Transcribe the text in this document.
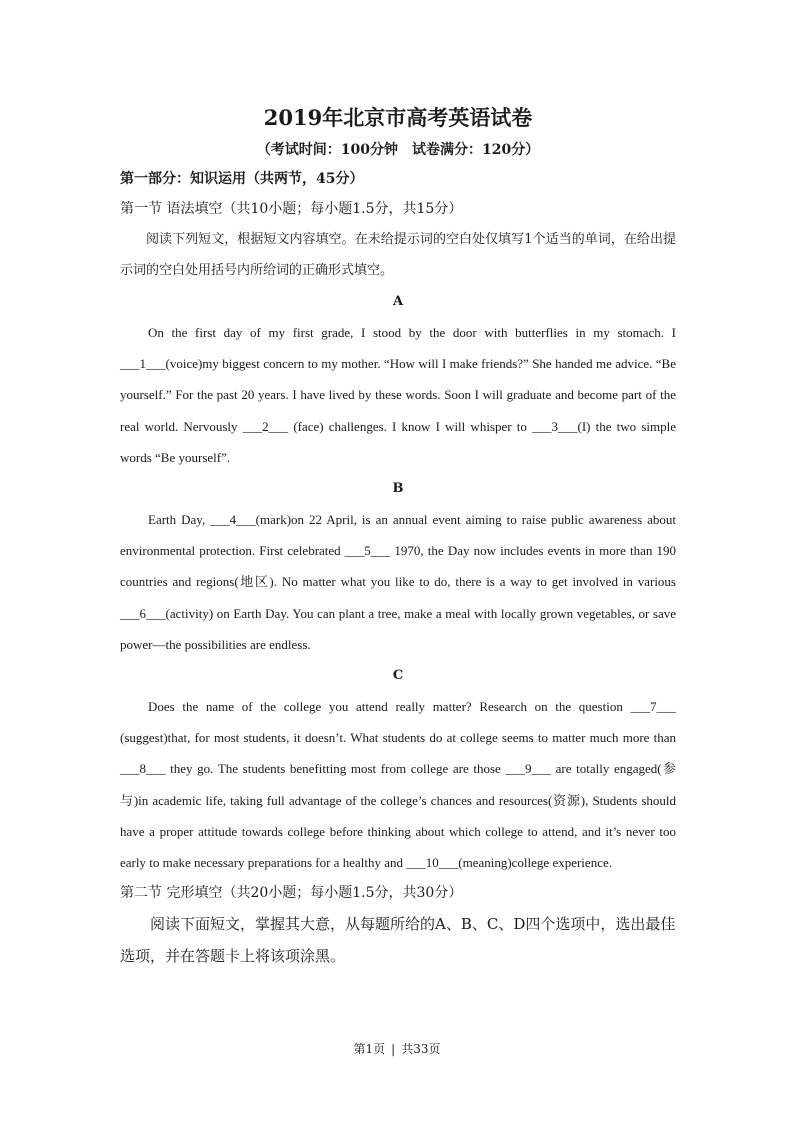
2019年北京市高考英语试卷

（考试时间：100分钟　试卷满分：120分）

第一部分：知识运用（共两节，45分）

第一节 语法填空（共10小题；每小题1.5分，共15分）

阅读下列短文，根据短文内容填空。在未给提示词的空白处仅填写1个适当的单词，在给出提示词的空白处用括号内所给词的正确形式填空。

A

On the first day of my first grade, I stood by the door with butterflies in my stomach. I ___1___(voice)my biggest concern to my mother. “How will I make friends?” She handed me advice. “Be yourself.” For the past 20 years. I have lived by these words. Soon I will graduate and become part of the real world. Nervously ___2___ (face) challenges. I know I will whisper to ___3___(I) the two simple words “Be yourself”.

B

Earth Day, ___4___(mark)on 22 April, is an annual event aiming to raise public awareness about environmental protection. First celebrated ___5___ 1970, the Day now includes events in more than 190 countries and regions(地区). No matter what you like to do, there is a way to get involved in various ___6___(activity) on Earth Day. You can plant a tree, make a meal with locally grown vegetables, or save power—the possibilities are endless.

C

Does the name of the college you attend really matter? Research on the question ___7___ (suggest)that, for most students, it doesn’t. What students do at college seems to matter much more than ___8___ they go. The students benefitting most from college are those ___9___ are totally engaged(参与)in academic life, taking full advantage of the college’s chances and resources(资源), Students should have a proper attitude towards college before thinking about which college to attend, and it’s never too early to make necessary preparations for a healthy and ___10___(meaning)college experience.

第二节 完形填空（共20小题；每小题1.5分，共30分）

阅读下面短文，掌握其大意，从每题所给的A、B、C、D四个选项中，选出最佳选项，并在答题卡上将该项涂黑。

第1页 | 共33页
